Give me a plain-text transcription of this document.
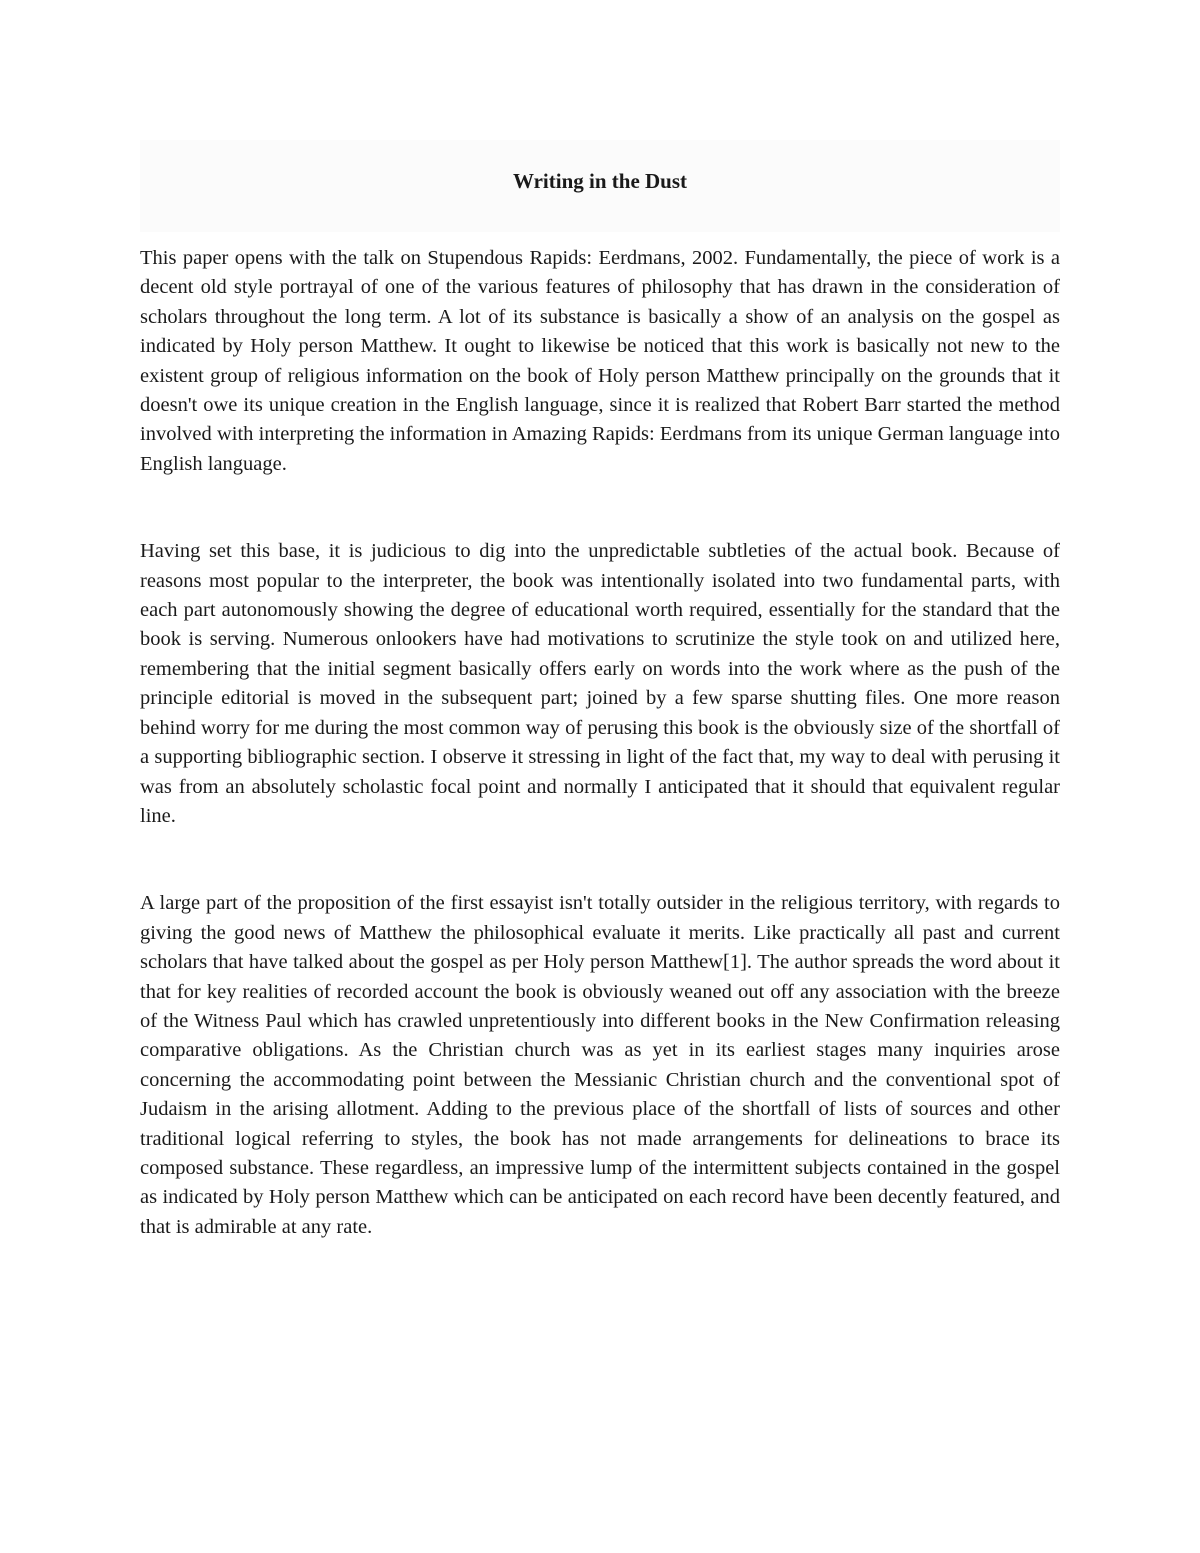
Writing in the Dust

This paper opens with the talk on Stupendous Rapids: Eerdmans, 2002. Fundamentally, the piece of work is a decent old style portrayal of one of the various features of philosophy that has drawn in the consideration of scholars throughout the long term. A lot of its substance is basically a show of an analysis on the gospel as indicated by Holy person Matthew. It ought to likewise be noticed that this work is basically not new to the existent group of religious information on the book of Holy person Matthew principally on the grounds that it doesn't owe its unique creation in the English language, since it is realized that Robert Barr started the method involved with interpreting the information in Amazing Rapids: Eerdmans from its unique German language into English language.

Having set this base, it is judicious to dig into the unpredictable subtleties of the actual book. Because of reasons most popular to the interpreter, the book was intentionally isolated into two fundamental parts, with each part autonomously showing the degree of educational worth required, essentially for the standard that the book is serving. Numerous onlookers have had motivations to scrutinize the style took on and utilized here, remembering that the initial segment basically offers early on words into the work where as the push of the principle editorial is moved in the subsequent part; joined by a few sparse shutting files. One more reason behind worry for me during the most common way of perusing this book is the obviously size of the shortfall of a supporting bibliographic section. I observe it stressing in light of the fact that, my way to deal with perusing it was from an absolutely scholastic focal point and normally I anticipated that it should that equivalent regular line.

A large part of the proposition of the first essayist isn't totally outsider in the religious territory, with regards to giving the good news of Matthew the philosophical evaluate it merits. Like practically all past and current scholars that have talked about the gospel as per Holy person Matthew[1]. The author spreads the word about it that for key realities of recorded account the book is obviously weaned out off any association with the breeze of the Witness Paul which has crawled unpretentiously into different books in the New Confirmation releasing comparative obligations. As the Christian church was as yet in its earliest stages many inquiries arose concerning the accommodating point between the Messianic Christian church and the conventional spot of Judaism in the arising allotment. Adding to the previous place of the shortfall of lists of sources and other traditional logical referring to styles, the book has not made arrangements for delineations to brace its composed substance. These regardless, an impressive lump of the intermittent subjects contained in the gospel as indicated by Holy person Matthew which can be anticipated on each record have been decently featured, and that is admirable at any rate.
